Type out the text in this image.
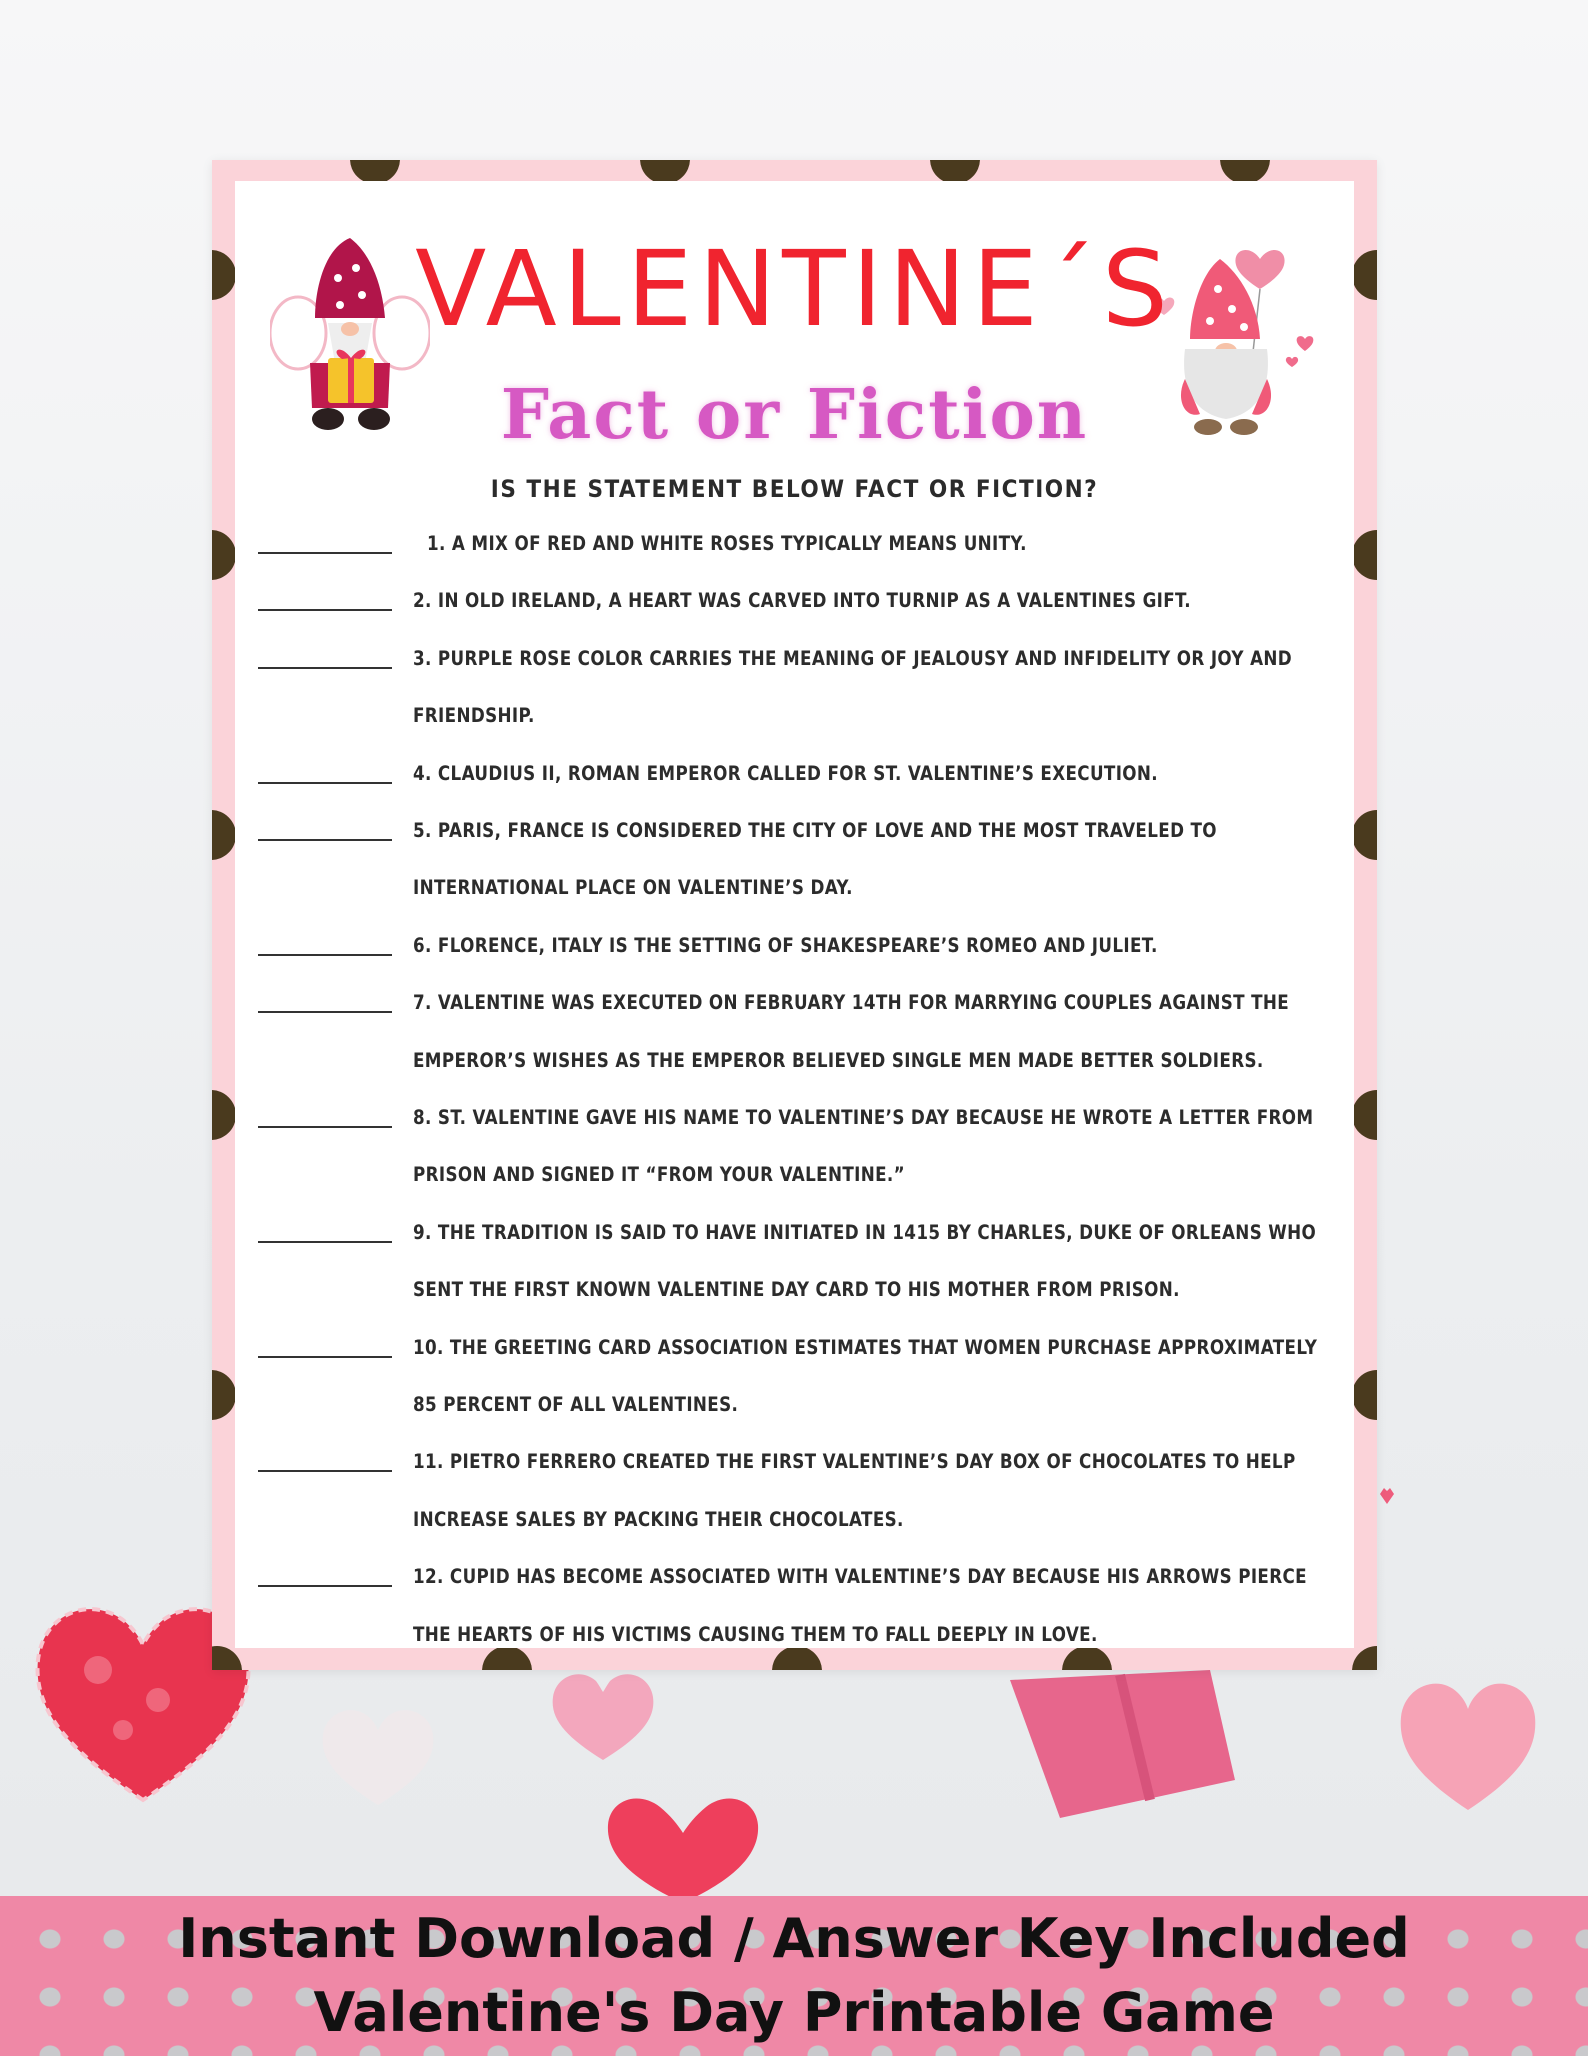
VALENTINE´S
Fact or Fiction
IS THE STATEMENT BELOW FACT OR FICTION?
1. A MIX OF RED AND WHITE ROSES TYPICALLY MEANS UNITY.
2. IN OLD IRELAND, A HEART WAS CARVED INTO TURNIP AS A VALENTINES GIFT.
3. PURPLE ROSE COLOR CARRIES THE MEANING OF JEALOUSY AND INFIDELITY OR JOY AND
FRIENDSHIP.
4. CLAUDIUS II, ROMAN EMPEROR CALLED FOR ST. VALENTINE’S EXECUTION.
5. PARIS, FRANCE IS CONSIDERED THE CITY OF LOVE AND THE MOST TRAVELED TO
INTERNATIONAL PLACE ON VALENTINE’S DAY.
6. FLORENCE, ITALY IS THE SETTING OF SHAKESPEARE’S ROMEO AND JULIET.
7. VALENTINE WAS EXECUTED ON FEBRUARY 14TH FOR MARRYING COUPLES AGAINST THE
EMPEROR’S WISHES AS THE EMPEROR BELIEVED SINGLE MEN MADE BETTER SOLDIERS.
8. ST. VALENTINE GAVE HIS NAME TO VALENTINE’S DAY BECAUSE HE WROTE A LETTER FROM
PRISON AND SIGNED IT “FROM YOUR VALENTINE.”
9. THE TRADITION IS SAID TO HAVE INITIATED IN 1415 BY CHARLES, DUKE OF ORLEANS WHO
SENT THE FIRST KNOWN VALENTINE DAY CARD TO HIS MOTHER FROM PRISON.
10. THE GREETING CARD ASSOCIATION ESTIMATES THAT WOMEN PURCHASE APPROXIMATELY
85 PERCENT OF ALL VALENTINES.
11. PIETRO FERRERO CREATED THE FIRST VALENTINE’S DAY BOX OF CHOCOLATES TO HELP
INCREASE SALES BY PACKING THEIR CHOCOLATES.
12. CUPID HAS BECOME ASSOCIATED WITH VALENTINE’S DAY BECAUSE HIS ARROWS PIERCE
THE HEARTS OF HIS VICTIMS CAUSING THEM TO FALL DEEPLY IN LOVE.
Instant Download / Answer Key Included
Valentine's Day Printable Game
